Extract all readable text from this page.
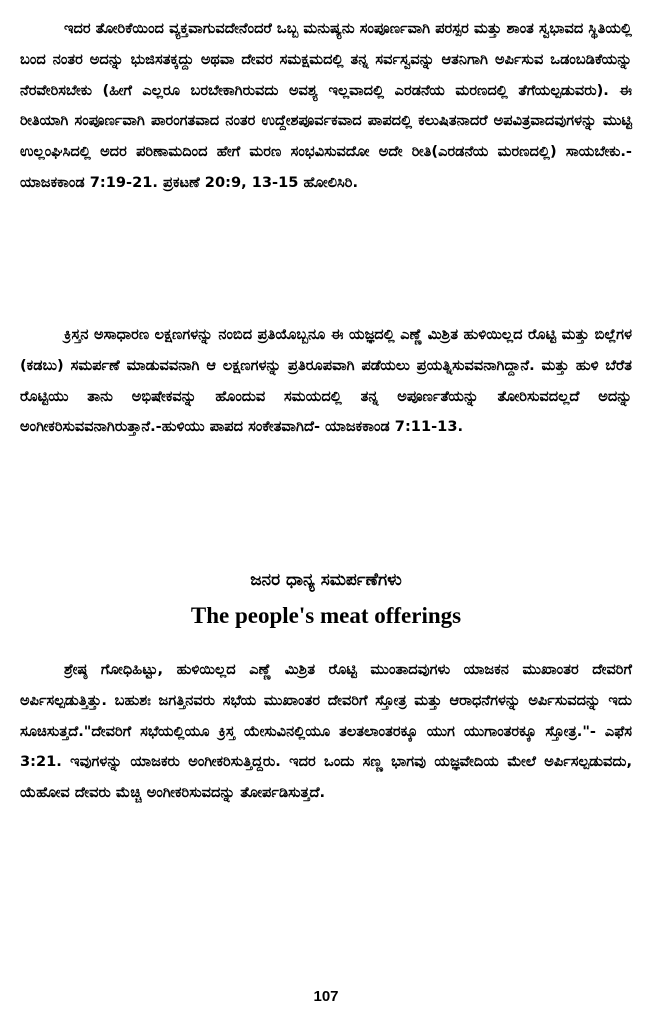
ಇದರ ತೋರಿಕೆಯಿಂದ ವ್ಯಕ್ತವಾಗುವದೇನೆಂದರೆ ಒಬ್ಬ ಮನುಷ್ಯನು ಸಂಪೂರ್ಣವಾಗಿ ಪರಸ್ಪರ ಮತ್ತು ಶಾಂತ ಸ್ವಭಾವದ ಸ್ಥಿತಿಯಲ್ಲಿ ಬಂದ ನಂತರ ಅದನ್ನು ಭುಜಿಸತಕ್ಕದ್ದು ಅಥವಾ ದೇವರ ಸಮಕ್ಷಮದಲ್ಲಿ ತನ್ನ ಸರ್ವಸ್ವವನ್ನು ಆತನಿಗಾಗಿ ಅರ್ಪಿಸುವ ಒಡಂಬಡಿಕೆಯನ್ನು ನೆರವೇರಿಸಬೇಕು (ಹೀಗೆ ಎಲ್ಲರೂ ಬರಬೇಕಾಗಿರುವದು ಅವಶ್ಯ ಇಲ್ಲವಾದಲ್ಲಿ ಎರಡನೆಯ ಮರಣದಲ್ಲಿ ತೆಗೆಯಲ್ಪಡುವರು). ಈ ರೀತಿಯಾಗಿ ಸಂಪೂರ್ಣವಾಗಿ ಪಾರಂಗತವಾದ ನಂತರ ಉದ್ದೇಶಪೂರ್ವಕವಾದ ಪಾಪದಲ್ಲಿ ಕಲುಷಿತನಾದರೆ ಅಪವಿತ್ರವಾದವುಗಳನ್ನು ಮುಟ್ಟಿ ಉಲ್ಲಂಘಿಸಿದಲ್ಲಿ ಅದರ ಪರಿಣಾಮದಿಂದ ಹೇಗೆ ಮರಣ ಸಂಭವಿಸುವದೋ ಅದೇ ರೀತಿ(ಎರಡನೆಯ ಮರಣದಲ್ಲಿ) ಸಾಯಬೇಕು.- ಯಾಜಕಕಾಂಡ 7:19-21. ಪ್ರಕಟಣೆ 20:9, 13-15 ಹೋಲಿಸಿರಿ.

ಕ್ರಿಸ್ತನ ಅಸಾಧಾರಣ ಲಕ್ಷಣಗಳನ್ನು ನಂಬಿದ ಪ್ರತಿಯೊಬ್ಬನೂ ಈ ಯಜ್ಞದಲ್ಲಿ ಎಣ್ಣೆ ಮಿಶ್ರಿತ ಹುಳಿಯಿಲ್ಲದ ರೊಟ್ಟಿ ಮತ್ತು ಬಿಲ್ಲೆಗಳ (ಕಡಬು) ಸಮರ್ಪಣೆ ಮಾಡುವವನಾಗಿ ಆ ಲಕ್ಷಣಗಳನ್ನು ಪ್ರತಿರೂಪವಾಗಿ ಪಡೆಯಲು ಪ್ರಯತ್ನಿಸುವವನಾಗಿದ್ದಾನೆ. ಮತ್ತು ಹುಳಿ ಬೆರೆತ ರೊಟ್ಟಿಯು ತಾನು ಅಭಿಷೇಕವನ್ನು ಹೊಂದುವ ಸಮಯದಲ್ಲಿ ತನ್ನ ಅಪೂರ್ಣತೆಯನ್ನು ತೋರಿಸುವದಲ್ಲದೆ ಅದನ್ನು ಅಂಗೀಕರಿಸುವವನಾಗಿರುತ್ತಾನೆ.-ಹುಳಿಯು ಪಾಪದ ಸಂಕೇತವಾಗಿದೆ- ಯಾಜಕಕಾಂಡ 7:11-13.

ಜನರ ಧಾನ್ಯ ಸಮರ್ಪಣೆಗಳು
The people's meat offerings

ಶ್ರೇಷ್ಠ ಗೋಧಿಹಿಟ್ಟು, ಹುಳಿಯಿಲ್ಲದ ಎಣ್ಣೆ ಮಿಶ್ರಿತ ರೊಟ್ಟಿ ಮುಂತಾದವುಗಳು ಯಾಜಕನ ಮುಖಾಂತರ ದೇವರಿಗೆ ಅರ್ಪಿಸಲ್ಪಡುತ್ತಿತ್ತು. ಬಹುಶಃ ಜಗತ್ತಿನವರು ಸಭೆಯ ಮುಖಾಂತರ ದೇವರಿಗೆ ಸ್ತೋತ್ರ ಮತ್ತು ಆರಾಧನೆಗಳನ್ನು ಅರ್ಪಿಸುವದನ್ನು ಇದು ಸೂಚಿಸುತ್ತದೆ."ದೇವರಿಗೆ ಸಭೆಯಲ್ಲಿಯೂ ಕ್ರಿಸ್ತ ಯೇಸುವಿನಲ್ಲಿಯೂ ತಲತಲಾಂತರಕ್ಕೂ ಯುಗ ಯುಗಾಂತರಕ್ಕೂ ಸ್ತೋತ್ರ."- ಎಫೆಸ 3:21. ಇವುಗಳನ್ನು ಯಾಜಕರು ಅಂಗೀಕರಿಸುತ್ತಿದ್ದರು. ಇದರ ಒಂದು ಸಣ್ಣ ಭಾಗವು ಯಜ್ಞವೇದಿಯ ಮೇಲೆ ಅರ್ಪಿಸಲ್ಪಡುವದು, ಯೆಹೋವ ದೇವರು ಮೆಚ್ಚಿ ಅಂಗೀಕರಿಸುವದನ್ನು ತೋರ್ಪಡಿಸುತ್ತದೆ.

107
